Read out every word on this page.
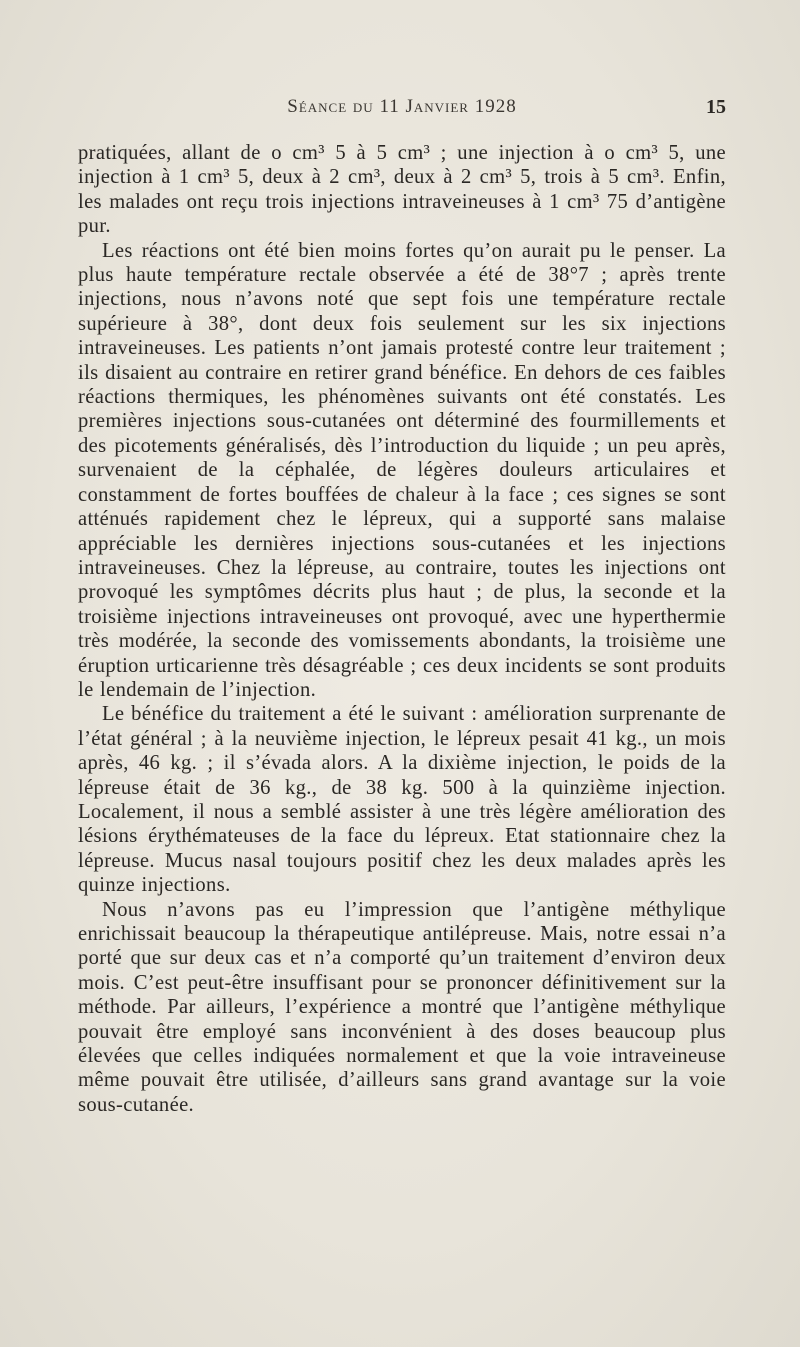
Séance du 11 Janvier 1928	15

pratiquées, allant de o cm³ 5 à 5 cm³ ; une injection à o cm³ 5, une injection à 1 cm³ 5, deux à 2 cm³, deux à 2 cm³ 5, trois à 5 cm³. Enfin, les malades ont reçu trois injections intraveineuses à 1 cm³ 75 d’antigène pur.

Les réactions ont été bien moins fortes qu’on aurait pu le penser. La plus haute température rectale observée a été de 38°7 ; après trente injections, nous n’avons noté que sept fois une température rectale supérieure à 38°, dont deux fois seulement sur les six injections intraveineuses. Les patients n’ont jamais protesté contre leur traitement ; ils disaient au contraire en retirer grand bénéfice. En dehors de ces faibles réactions thermiques, les phénomènes suivants ont été constatés. Les premières injections sous-cutanées ont déterminé des fourmillements et des picotements généralisés, dès l’introduction du liquide ; un peu après, survenaient de la céphalée, de légères douleurs articulaires et constamment de fortes bouffées de chaleur à la face ; ces signes se sont atténués rapidement chez le lépreux, qui a supporté sans malaise appréciable les dernières injections sous-cutanées et les injections intraveineuses. Chez la lépreuse, au contraire, toutes les injections ont provoqué les symptômes décrits plus haut ; de plus, la seconde et la troisième injections intraveineuses ont provoqué, avec une hyperthermie très modérée, la seconde des vomissements abondants, la troisième une éruption urticarienne très désagréable ; ces deux incidents se sont produits le lendemain de l’injection.

Le bénéfice du traitement a été le suivant : amélioration surprenante de l’état général ; à la neuvième injection, le lépreux pesait 41 kg., un mois après, 46 kg. ; il s’évada alors. A la dixième injection, le poids de la lépreuse était de 36 kg., de 38 kg. 500 à la quinzième injection. Localement, il nous a semblé assister à une très légère amélioration des lésions érythémateuses de la face du lépreux. Etat stationnaire chez la lépreuse. Mucus nasal toujours positif chez les deux malades après les quinze injections.

Nous n’avons pas eu l’impression que l’antigène méthylique enrichissait beaucoup la thérapeutique antilépreuse. Mais, notre essai n’a porté que sur deux cas et n’a comporté qu’un traitement d’environ deux mois. C’est peut-être insuffisant pour se prononcer définitivement sur la méthode. Par ailleurs, l’expérience a montré que l’antigène méthylique pouvait être employé sans inconvénient à des doses beaucoup plus élevées que celles indiquées normalement et que la voie intraveineuse même pouvait être utilisée, d’ailleurs sans grand avantage sur la voie sous-cutanée.
